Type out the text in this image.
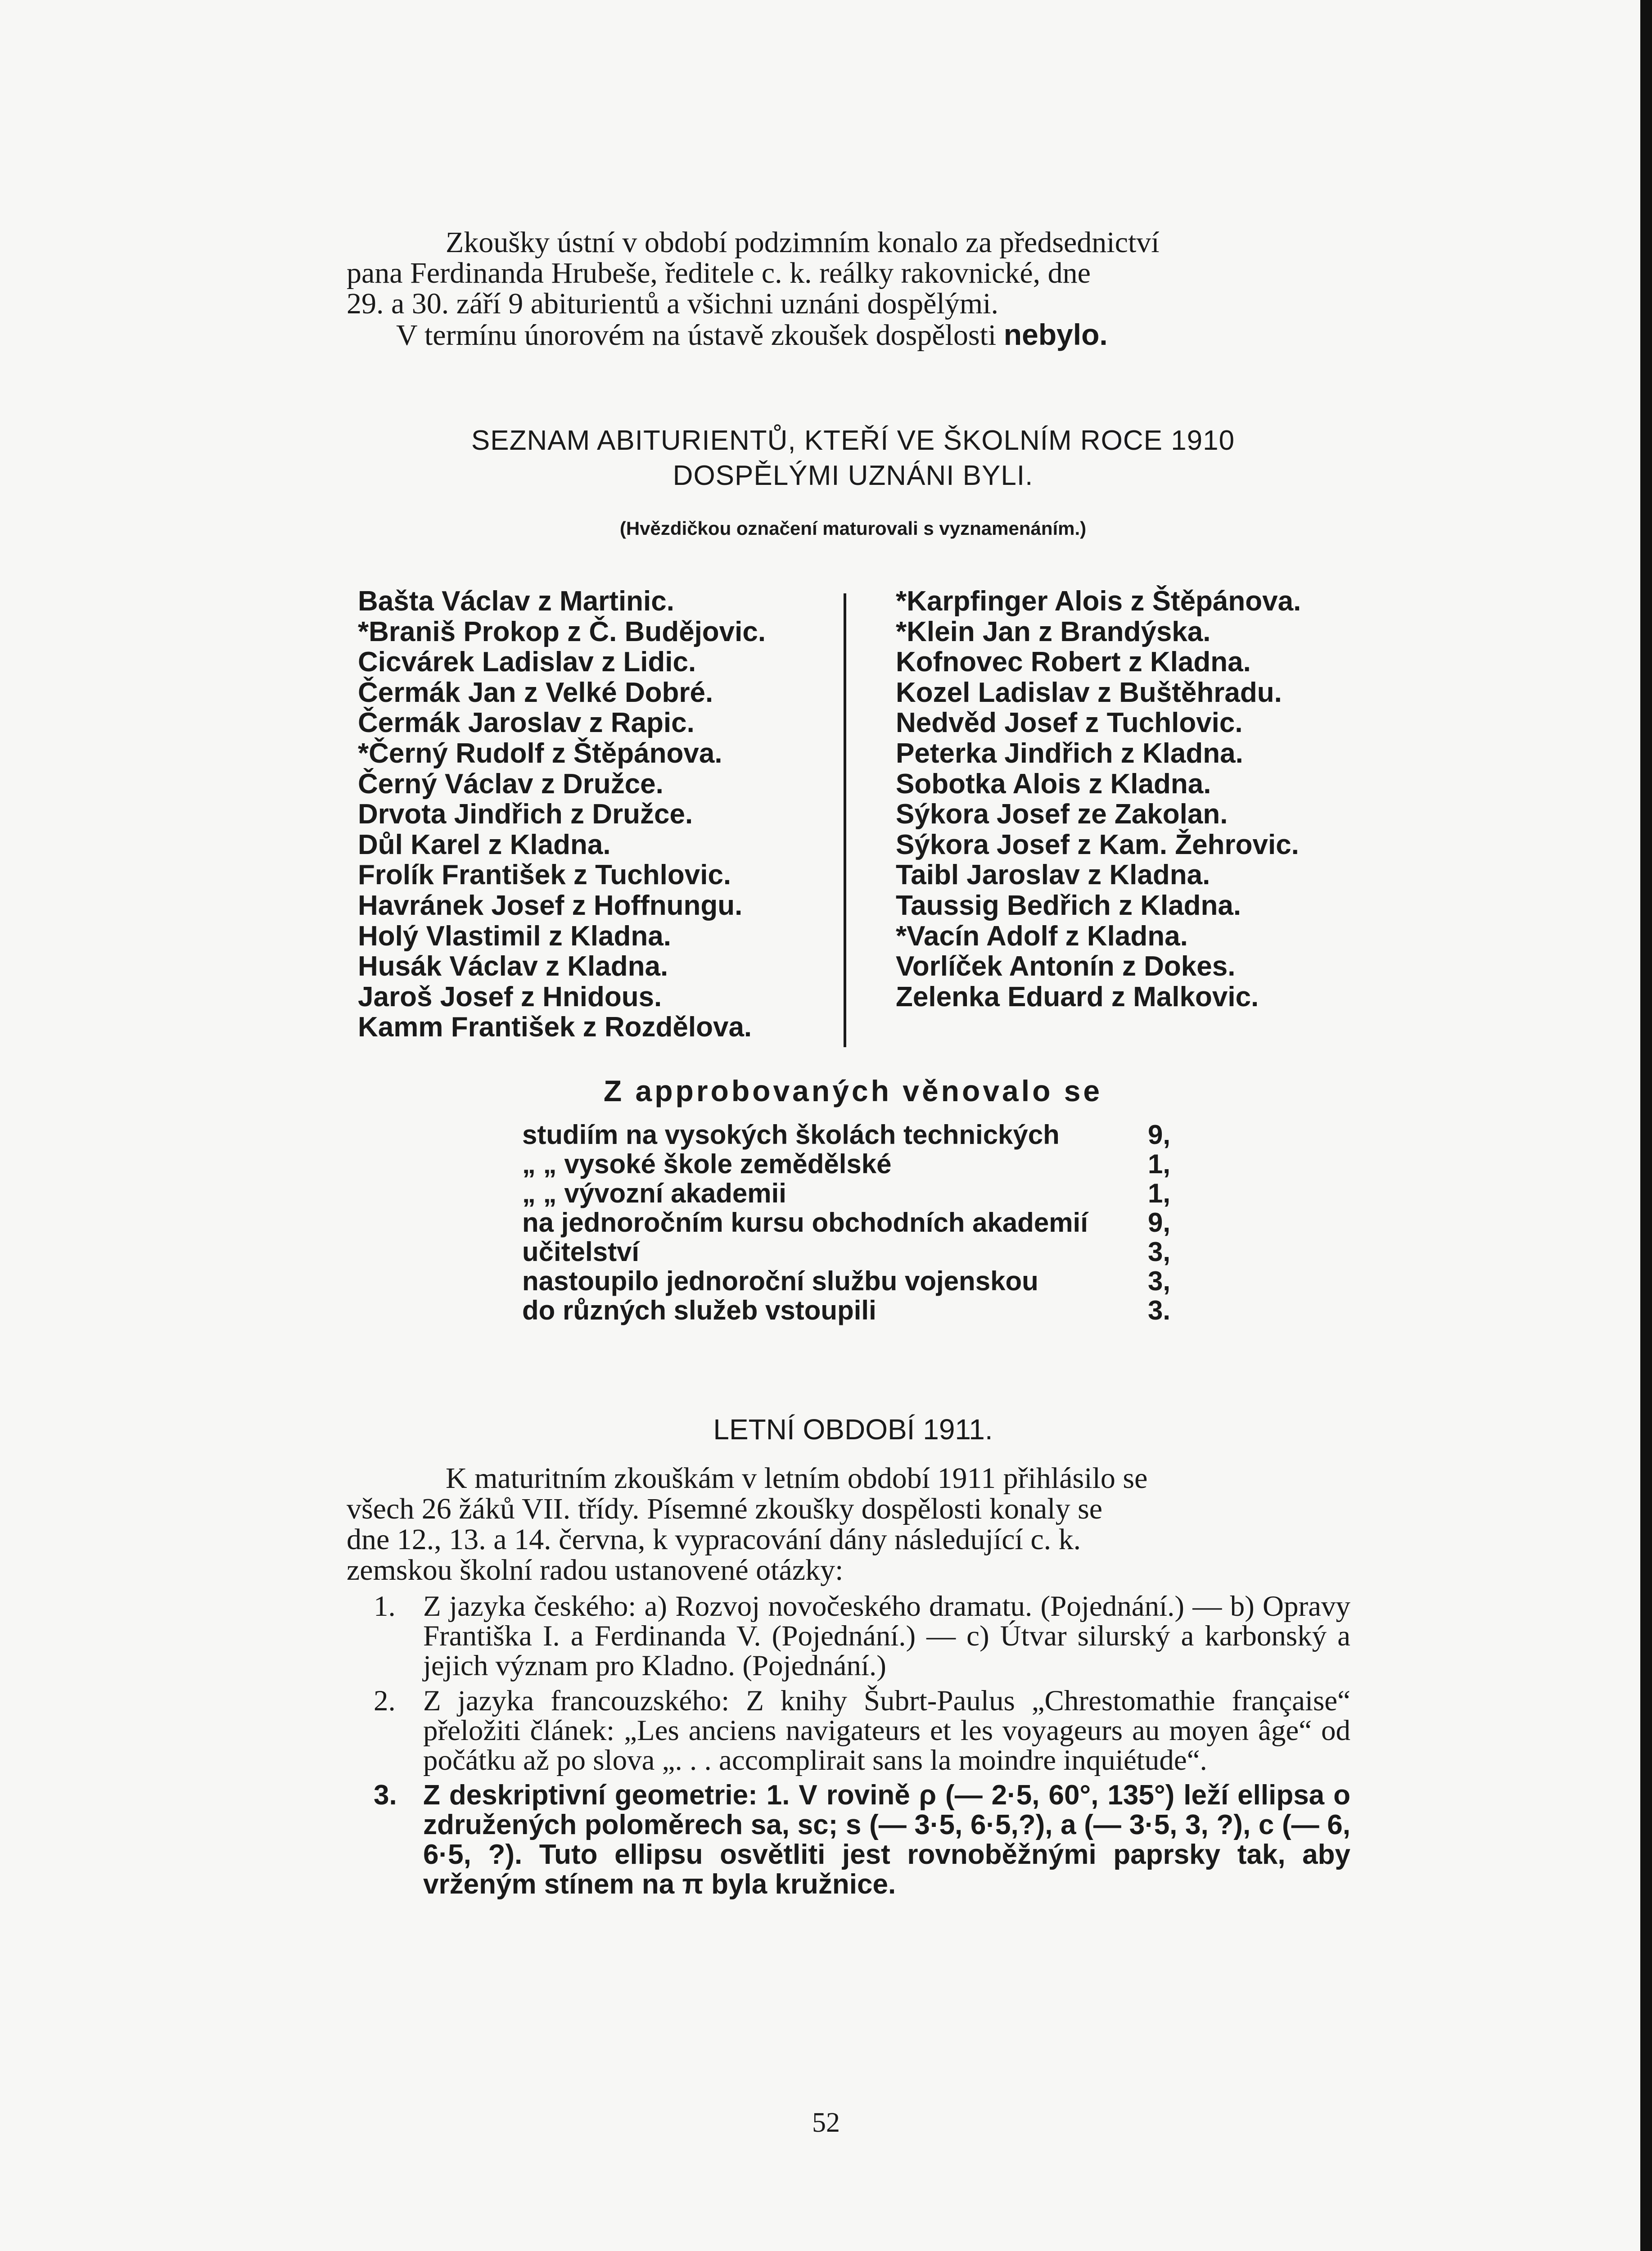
Zkoušky ústní v období podzimním konalo za předsednictví
pana Ferdinanda Hrubeše, ředitele c. k. reálky rakovnické, dne
29. a 30. září 9 abiturientů a všichni uznáni dospělými.
V termínu únorovém na ústavě zkoušek dospělosti nebylo.

SEZNAM ABITURIENTŮ, KTEŘÍ VE ŠKOLNÍM ROCE 1910
DOSPĚLÝMI UZNÁNI BYLI.
(Hvězdičkou označení maturovali s vyznamenáním.)
Bašta Václav z Martinic.
*Braniš Prokop z Č. Budějovic.
Cicvárek Ladislav z Lidic.
Čermák Jan z Velké Dobré.
Čermák Jaroslav z Rapic.
*Černý Rudolf z Štěpánova.
Černý Václav z Družce.
Drvota Jindřich z Družce.
Důl Karel z Kladna.
Frolík František z Tuchlovic.
Havránek Josef z Hoffnungu.
Holý Vlastimil z Kladna.
Husák Václav z Kladna.
Jaroš Josef z Hnidous.
Kamm František z Rozdělova.
*Karpfinger Alois z Štěpánova.
*Klein Jan z Brandýska.
Kofnovec Robert z Kladna.
Kozel Ladislav z Buštěhradu.
Nedvěd Josef z Tuchlovic.
Peterka Jindřich z Kladna.
Sobotka Alois z Kladna.
Sýkora Josef ze Zakolan.
Sýkora Josef z Kam. Žehrovic.
Taibl Jaroslav z Kladna.
Taussig Bedřich z Kladna.
*Vacín Adolf z Kladna.
Vorlíček Antonín z Dokes.
Zelenka Eduard z Malkovic.
Z approbovaných věnovalo se
studiím na vysokých školách technických	9,
„ „ vysoké škole zemědělské	1,
„ „ vývozní akademii	1,
na jednoročním kursu obchodních akademií 9,
učitelství	3,
nastoupilo jednoroční službu vojenskou	3,
do různých služeb vstoupili	3.
LETNÍ OBDOBÍ 1911.

K maturitním zkouškám v letním období 1911 přihlásilo se
všech 26 žáků VII. třídy. Písemné zkoušky dospělosti konaly se
dne 12., 13. a 14. června, k vypracování dány následující c. k.
zemskou školní radou ustanovené otázky:

1. Z jazyka českého: a) Rozvoj novočeského dramatu. (Pojednání.) — b) Opravy Františka I. a Ferdinanda V. (Pojednání.) — c) Útvar silurský a karbonský a jejich význam pro Kladno. (Pojednání.)
2. Z jazyka francouzského: Z knihy Šubrt-Paulus „Chrestomathie française“ přeložiti článek: „Les anciens navigateurs et les voyageurs au moyen âge“ od počátku až po slova „. . . accomplirait sans la moindre inquiétude“.
3. Z deskriptivní geometrie: 1. V rovině ρ (— 2·5, 60°, 135°) leží ellipsa o združených poloměrech sa, sc; s (— 3·5, 6·5,?), a (— 3·5, 3, ?), c (— 6, 6·5, ?). Tuto ellipsu osvětliti jest rovnoběžnými paprsky tak, aby vrženým stínem na π byla kružnice.
52
